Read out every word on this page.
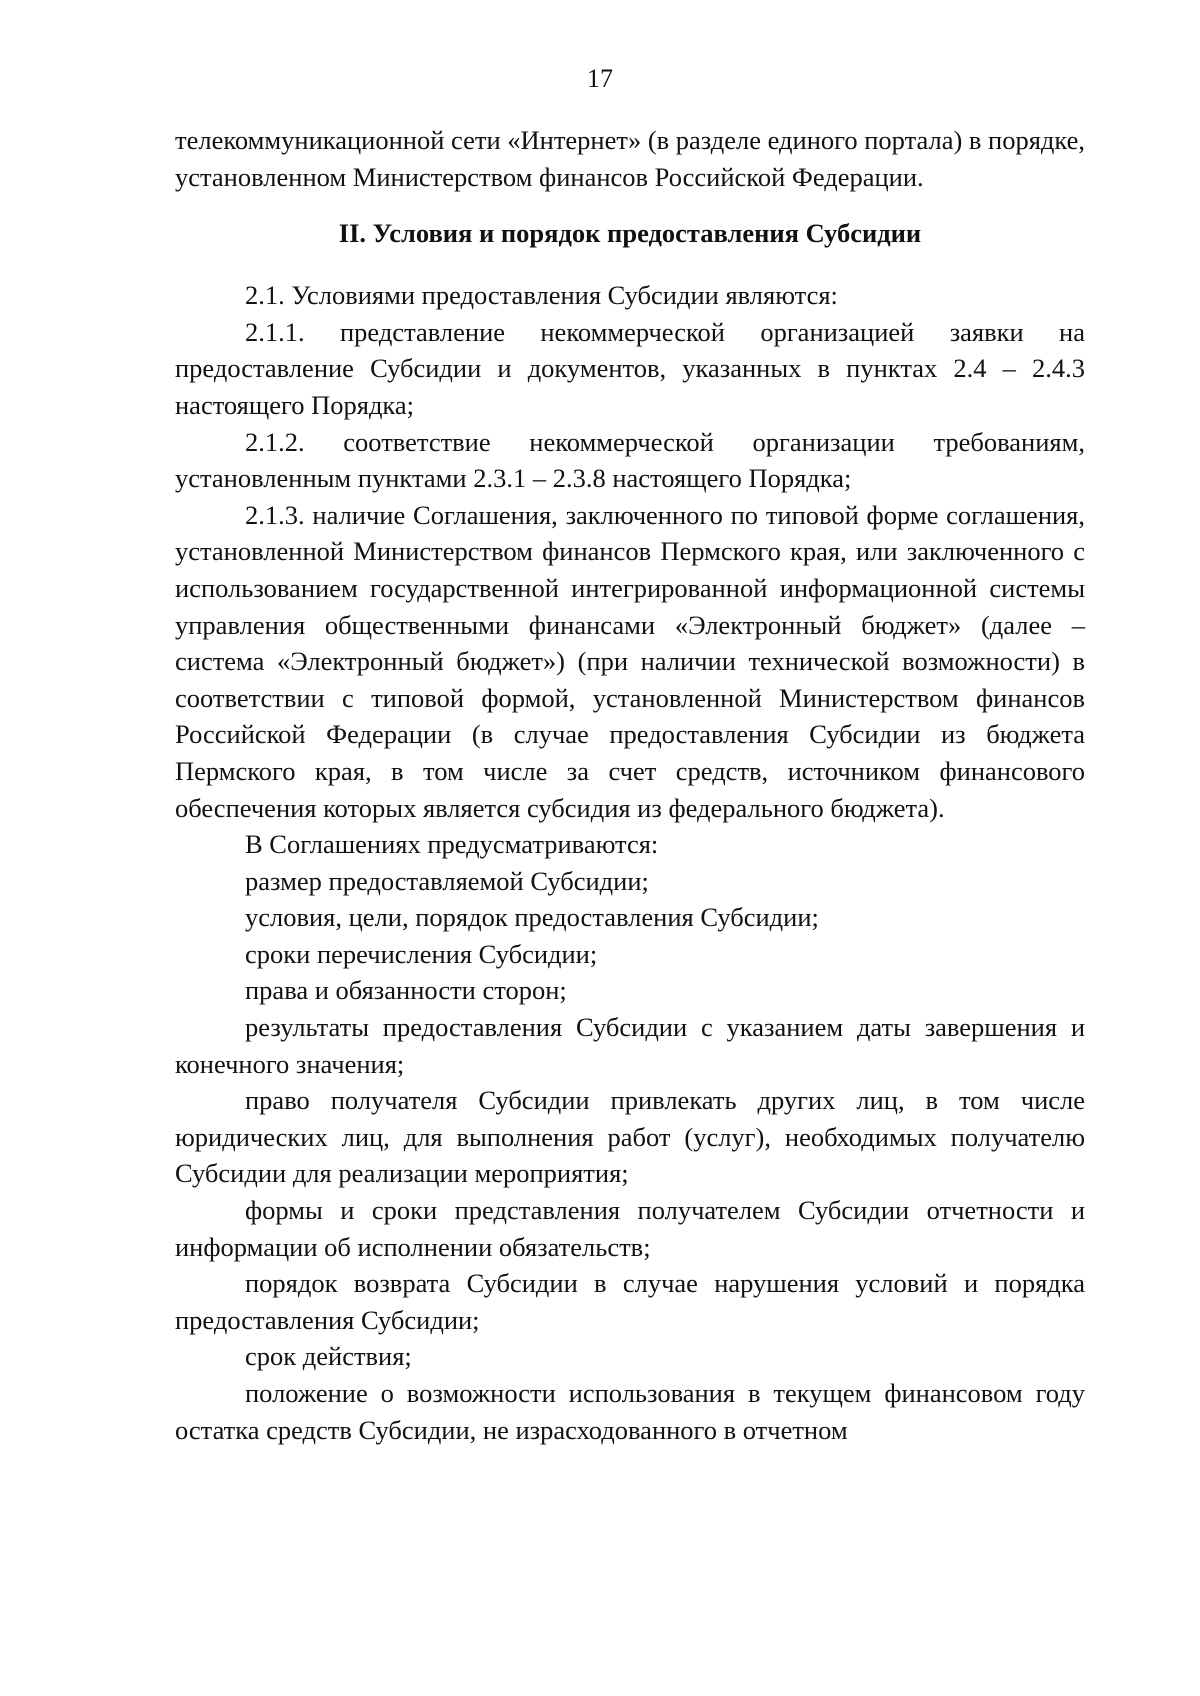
17

телекоммуникационной сети «Интернет» (в разделе единого портала) в порядке, установленном Министерством финансов Российской Федерации.

II. Условия и порядок предоставления Субсидии

2.1. Условиями предоставления Субсидии являются:

2.1.1. представление некоммерческой организацией заявки на предоставление Субсидии и документов, указанных в пунктах 2.4 – 2.4.3 настоящего Порядка;

2.1.2. соответствие некоммерческой организации требованиям, установленным пунктами 2.3.1 – 2.3.8 настоящего Порядка;

2.1.3. наличие Соглашения, заключенного по типовой форме соглашения, установленной Министерством финансов Пермского края, или заключенного с использованием государственной интегрированной информационной системы управления общественными финансами «Электронный бюджет» (далее – система «Электронный бюджет») (при наличии технической возможности) в соответствии с типовой формой, установленной Министерством финансов Российской Федерации (в случае предоставления Субсидии из бюджета Пермского края, в том числе за счет средств, источником финансового обеспечения которых является субсидия из федерального бюджета).

В Соглашениях предусматриваются:

размер предоставляемой Субсидии;

условия, цели, порядок предоставления Субсидии;

сроки перечисления Субсидии;

права и обязанности сторон;

результаты предоставления Субсидии с указанием даты завершения и конечного значения;

право получателя Субсидии привлекать других лиц, в том числе юридических лиц, для выполнения работ (услуг), необходимых получателю Субсидии для реализации мероприятия;

формы и сроки представления получателем Субсидии отчетности и информации об исполнении обязательств;

порядок возврата Субсидии в случае нарушения условий и порядка предоставления Субсидии;

срок действия;

положение о возможности использования в текущем финансовом году остатка средств Субсидии, не израсходованного в отчетном
